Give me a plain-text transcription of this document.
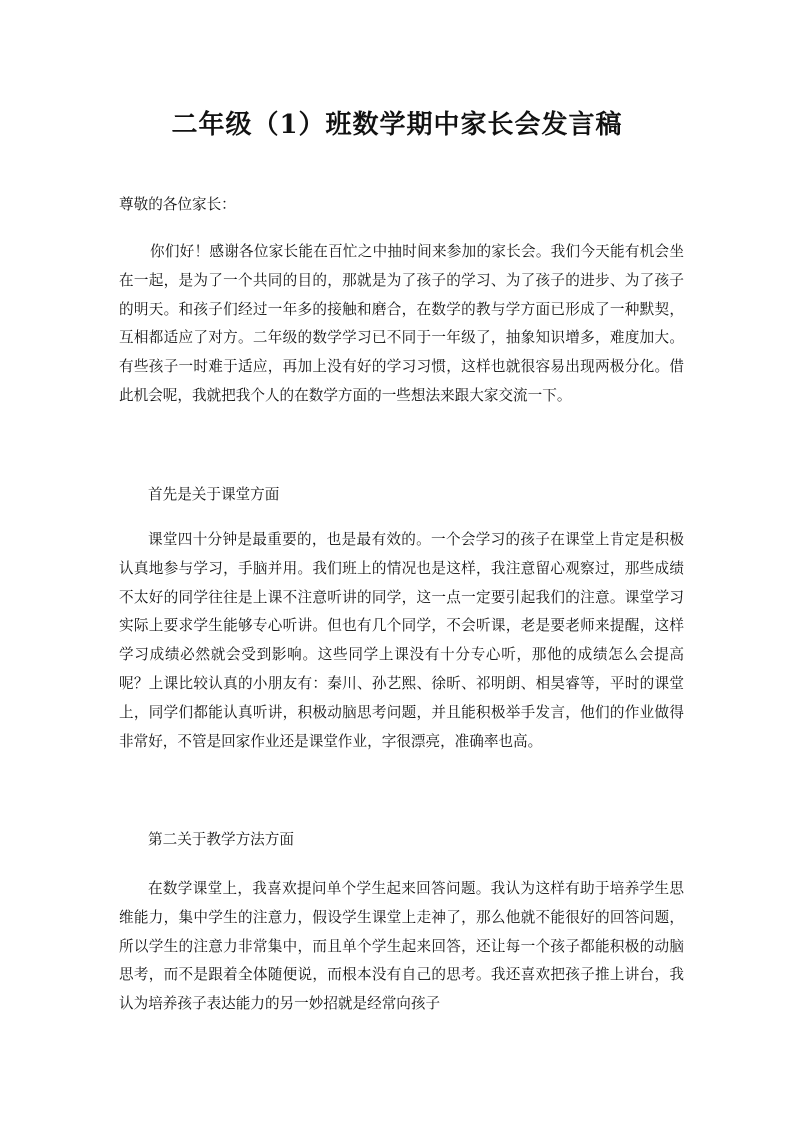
二年级（1）班数学期中家长会发言稿

尊敬的各位家长：

你们好！感谢各位家长能在百忙之中抽时间来参加的家长会。我们今天能有机会坐在一起，是为了一个共同的目的，那就是为了孩子的学习、为了孩子的进步、为了孩子的明天。和孩子们经过一年多的接触和磨合，在数学的教与学方面已形成了一种默契，互相都适应了对方。二年级的数学学习已不同于一年级了，抽象知识增多，难度加大。有些孩子一时难于适应，再加上没有好的学习习惯，这样也就很容易出现两极分化。借此机会呢，我就把我个人的在数学方面的一些想法来跟大家交流一下。

首先是关于课堂方面

课堂四十分钟是最重要的，也是最有效的。一个会学习的孩子在课堂上肯定是积极认真地参与学习，手脑并用。我们班上的情况也是这样，我注意留心观察过，那些成绩不太好的同学往往是上课不注意听讲的同学，这一点一定要引起我们的注意。课堂学习实际上要求学生能够专心听讲。但也有几个同学，不会听课，老是要老师来提醒，这样学习成绩必然就会受到影响。这些同学上课没有十分专心听，那他的成绩怎么会提高呢？上课比较认真的小朋友有：秦川、孙艺熙、徐昕、祁明朗、相昊睿等，平时的课堂上，同学们都能认真听讲，积极动脑思考问题，并且能积极举手发言，他们的作业做得非常好，不管是回家作业还是课堂作业，字很漂亮，准确率也高。

第二关于教学方法方面

在数学课堂上，我喜欢提问单个学生起来回答问题。我认为这样有助于培养学生思维能力，集中学生的注意力，假设学生课堂上走神了，那么他就不能很好的回答问题，所以学生的注意力非常集中，而且单个学生起来回答，还让每一个孩子都能积极的动脑思考，而不是跟着全体随便说，而根本没有自己的思考。我还喜欢把孩子推上讲台，我认为培养孩子表达能力的另一妙招就是经常向孩子
